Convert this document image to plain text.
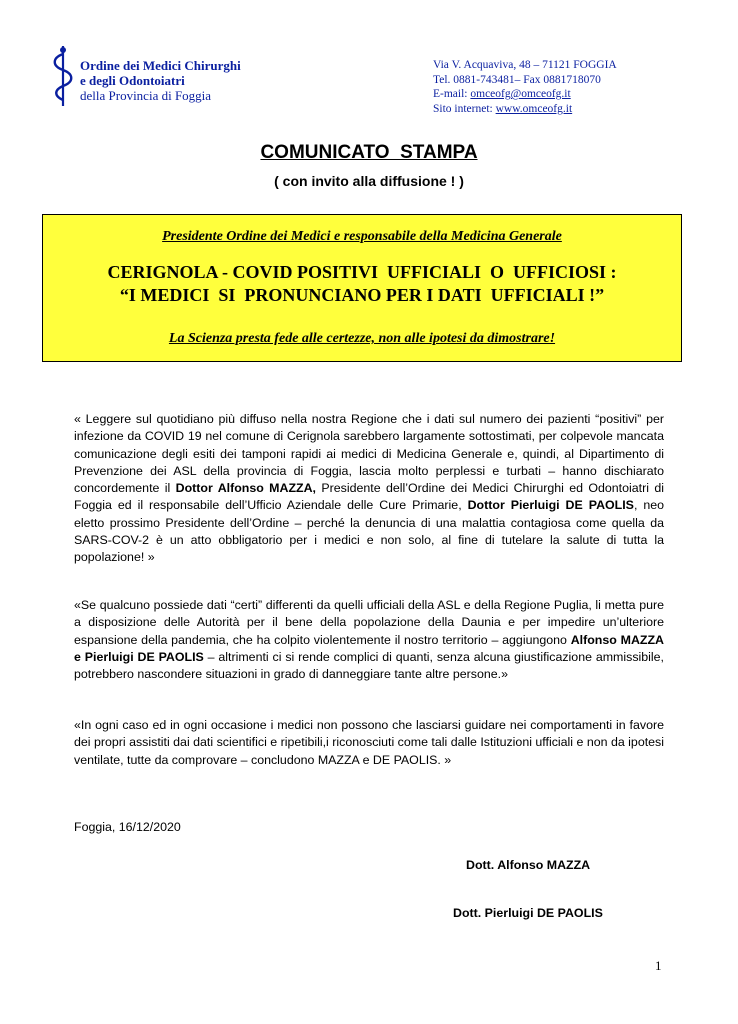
Ordine dei Medici Chirurghi
e degli Odontoiatri
della Provincia di Foggia
Via V. Acquaviva, 48 – 71121 FOGGIA
Tel. 0881-743481– Fax 0881718070
E-mail: omceofg@omceofg.it
Sito internet: www.omceofg.it
COMUNICATO  STAMPA
( con invito alla diffusione ! )
Presidente Ordine dei Medici e responsabile della Medicina Generale
CERIGNOLA - COVID POSITIVI  UFFICIALI  O  UFFICIOSI :
“I MEDICI  SI  PRONUNCIANO PER I DATI  UFFICIALI !”
La Scienza presta fede alle certezze, non alle ipotesi da dimostrare!
« Leggere sul quotidiano più diffuso nella nostra Regione che i dati sul numero dei pazienti “positivi” per infezione da COVID 19 nel comune di Cerignola sarebbero largamente sottostimati, per colpevole mancata comunicazione degli esiti dei tamponi rapidi ai medici di Medicina Generale e, quindi, al Dipartimento di Prevenzione dei ASL della provincia di Foggia, lascia molto perplessi e turbati – hanno dischiarato concordemente il Dottor Alfonso MAZZA, Presidente dell’Ordine dei Medici Chirurghi ed Odontoiatri di Foggia ed il responsabile dell’Ufficio Aziendale delle Cure Primarie, Dottor Pierluigi DE PAOLIS, neo eletto prossimo Presidente dell’Ordine – perché la denuncia di una malattia contagiosa come quella da SARS-COV-2 è un atto obbligatorio per i medici e non solo, al fine di tutelare la salute di tutta la popolazione! »
«Se qualcuno possiede dati “certi” differenti da quelli ufficiali della ASL e della Regione Puglia, li metta pure a disposizione delle Autorità per il bene della popolazione della Daunia e per impedire un’ulteriore espansione della pandemia, che ha colpito violentemente il nostro territorio – aggiungono Alfonso MAZZA e Pierluigi DE PAOLIS – altrimenti ci si rende complici di quanti, senza alcuna giustificazione ammissibile, potrebbero nascondere situazioni in grado di danneggiare tante altre persone.»
«In ogni caso ed in ogni occasione i medici non possono che lasciarsi guidare nei comportamenti in favore dei propri assistiti dai dati scientifici e ripetibili,i riconosciuti come tali dalle Istituzioni ufficiali e non da ipotesi ventilate, tutte da comprovare – concludono MAZZA e DE PAOLIS. »
Foggia, 16/12/2020
Dott. Alfonso MAZZA
Dott. Pierluigi DE PAOLIS
1
